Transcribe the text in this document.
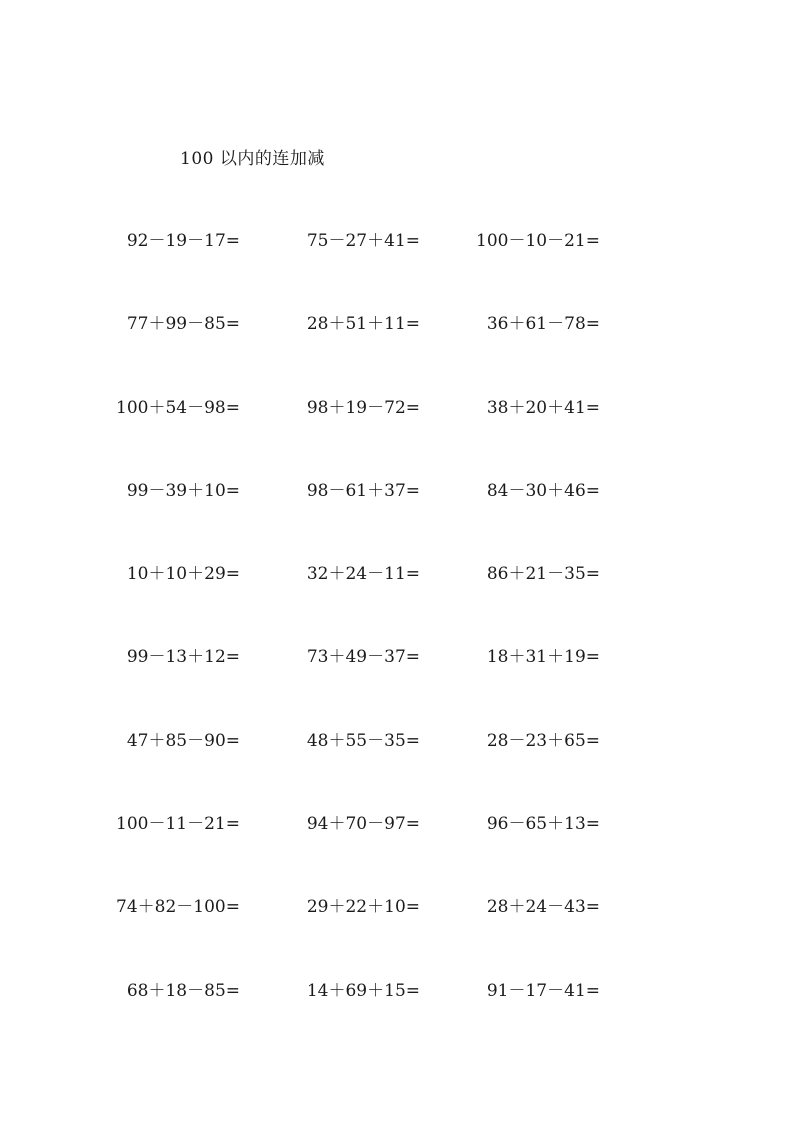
100 以内的连加减
92－19－17=	75－27＋41=	100－10－21=
77＋99－85=	28＋51＋11=	36＋61－78=
100＋54－98=	98＋19－72=	38＋20＋41=
99－39＋10=	98－61＋37=	84－30＋46=
10＋10＋29=	32＋24－11=	86＋21－35=
99－13＋12=	73＋49－37=	18＋31＋19=
47＋85－90=	48＋55－35=	28－23＋65=
100－11－21=	94＋70－97=	96－65＋13=
74＋82－100=	29＋22＋10=	28＋24－43=
68＋18－85=	14＋69＋15=	91－17－41=
